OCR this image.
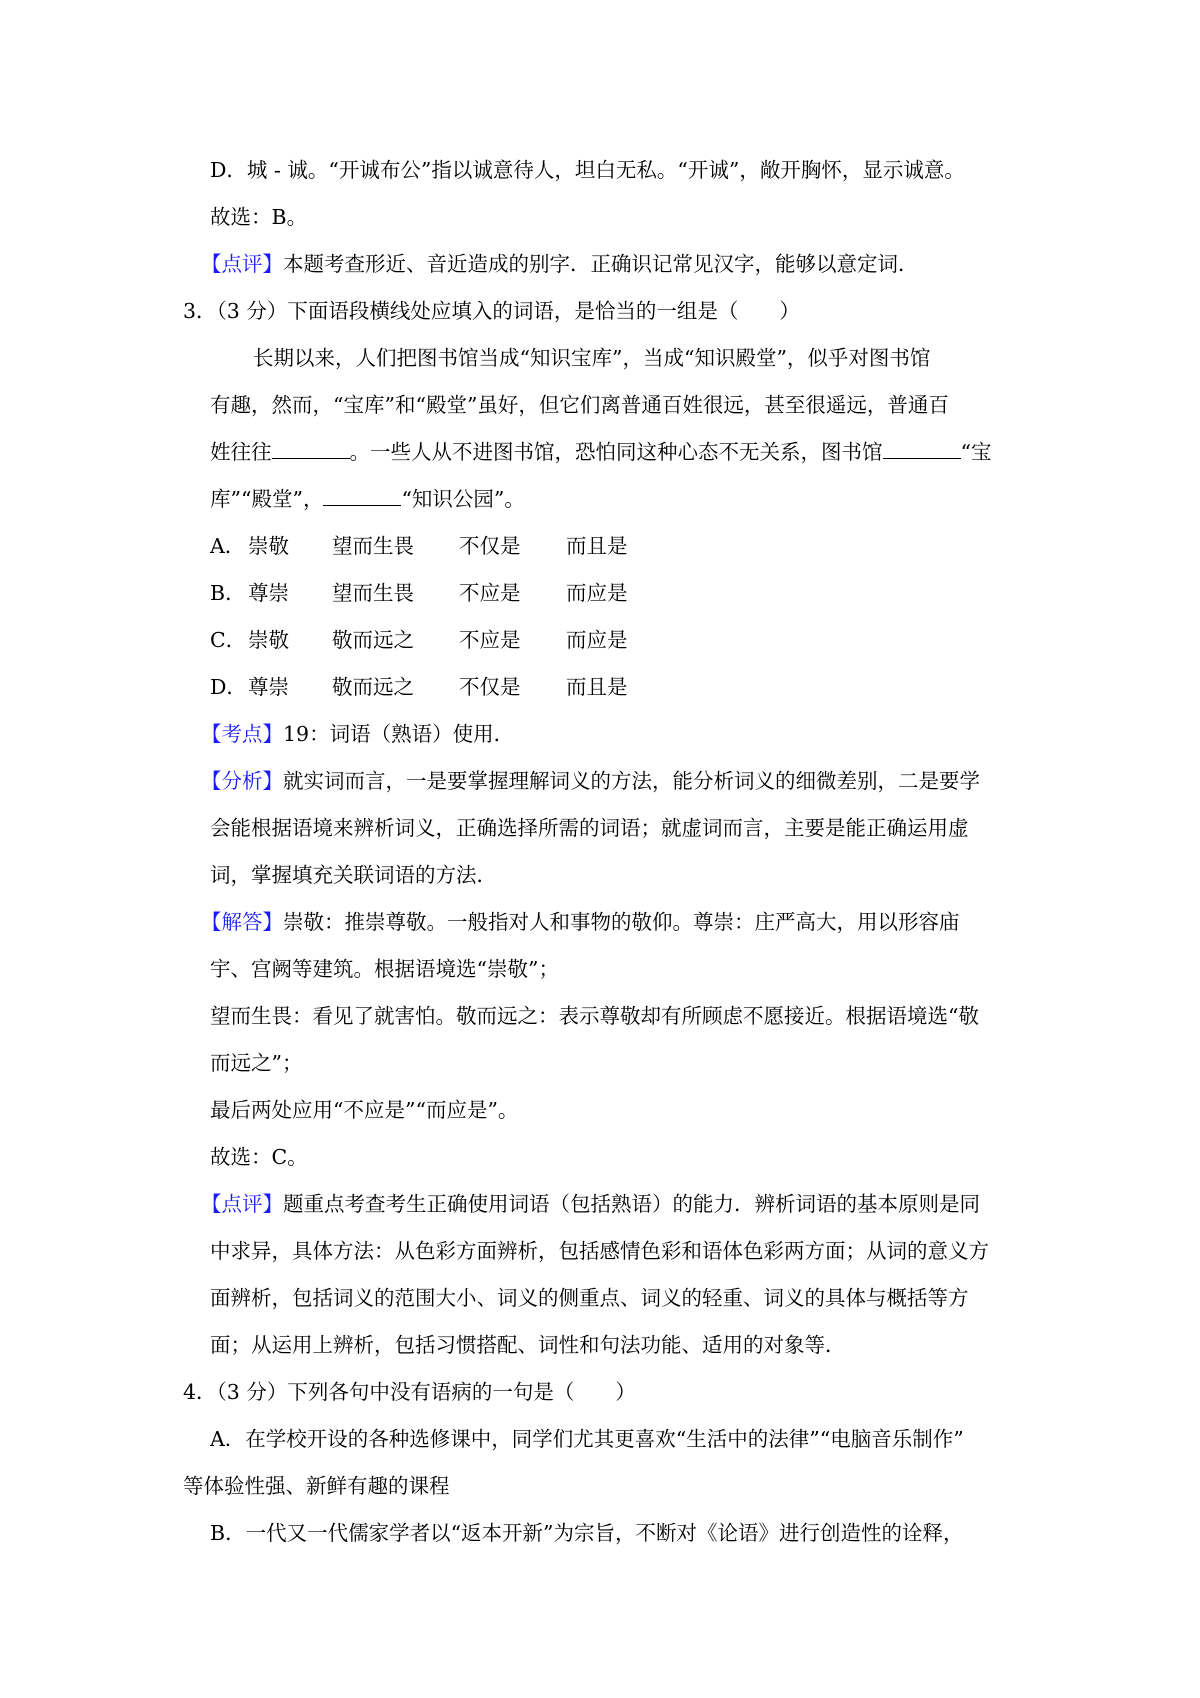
D．城 - 诚。“开诚布公”指以诚意待人，坦白无私。“开诚”，敞开胸怀，显示诚意。
故选：B。
【点评】本题考查形近、音近造成的别字．正确识记常见汉字，能够以意定词．
3．（3 分）下面语段横线处应填入的词语，是恰当的一组是（　　）
长期以来，人们把图书馆当成“知识宝库”，当成“知识殿堂”，似乎对图书馆
有趣，然而，“宝库”和“殿堂”虽好，但它们离普通百姓很远，甚至很遥远，普通百
姓往往	。一些人从不进图书馆，恐怕同这种心态不无关系，图书馆	“宝
库”“殿堂”，	“知识公园”。
A． 崇敬 望而生畏 不仅是 而且是
B． 尊崇 望而生畏 不应是 而应是
C． 崇敬 敬而远之 不应是 而应是
D． 尊崇 敬而远之 不仅是 而且是
【考点】19：词语（熟语）使用．
【分析】就实词而言，一是要掌握理解词义的方法，能分析词义的细微差别，二是要学
会能根据语境来辨析词义，正确选择所需的词语；就虚词而言，主要是能正确运用虚
词，掌握填充关联词语的方法．
【解答】崇敬：推崇尊敬。一般指对人和事物的敬仰。尊崇：庄严高大，用以形容庙
宇、宫阙等建筑。根据语境选“崇敬”；
望而生畏：看见了就害怕。敬而远之：表示尊敬却有所顾虑不愿接近。根据语境选“敬
而远之”；
最后两处应用“不应是”“而应是”。
故选：C。
【点评】题重点考查考生正确使用词语（包括熟语）的能力．辨析词语的基本原则是同
中求异，具体方法：从色彩方面辨析，包括感情色彩和语体色彩两方面；从词的意义方
面辨析，包括词义的范围大小、词义的侧重点、词义的轻重、词义的具体与概括等方
面；从运用上辨析，包括习惯搭配、词性和句法功能、适用的对象等．
4．（3 分）下列各句中没有语病的一句是（　　）
A．在学校开设的各种选修课中，同学们尤其更喜欢“生活中的法律”“电脑音乐制作”
等体验性强、新鲜有趣的课程
B．一代又一代儒家学者以“返本开新”为宗旨，不断对《论语》进行创造性的诠释，
